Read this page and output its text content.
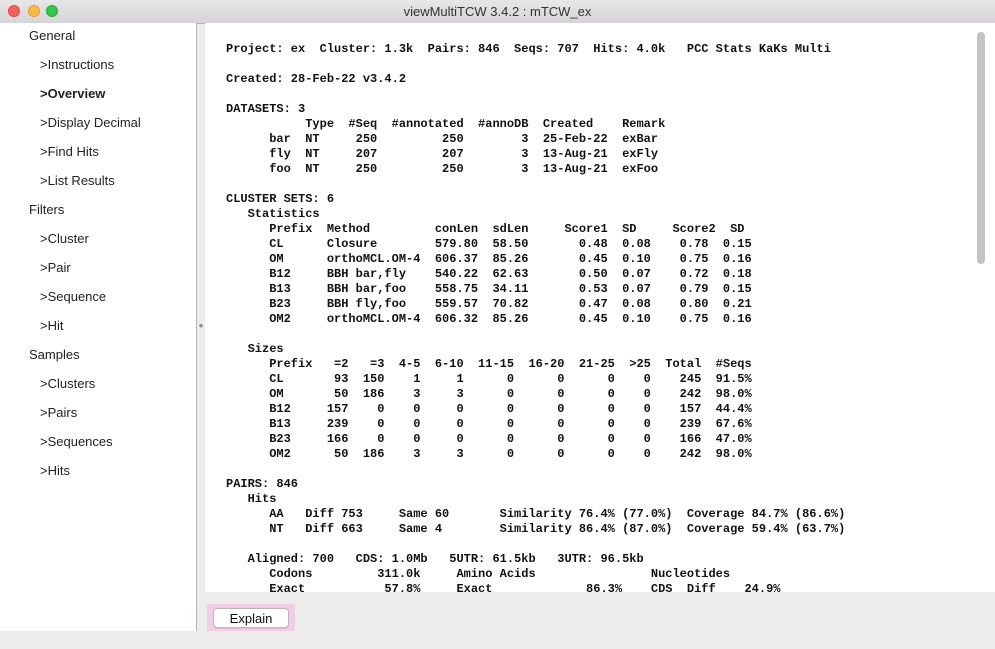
viewMultiTCW 3.4.2 : mTCW_ex
General
>Instructions
>Overview
>Display Decimal
>Find Hits
>List Results
Filters
>Cluster
>Pair
>Sequence
>Hit
Samples
>Clusters
>Pairs
>Sequences
>Hits
●
Project: ex  Cluster: 1.3k  Pairs: 846  Seqs: 707  Hits: 4.0k   PCC Stats KaKs Multi

Created: 28-Feb-22 v3.4.2

DATASETS: 3
Type  #Seq  #annotated  #annoDB  Created    Remark
bar  NT     250         250        3  25-Feb-22  exBar
fly  NT     207         207        3  13-Aug-21  exFly
foo  NT     250         250        3  13-Aug-21  exFoo

CLUSTER SETS: 6
Statistics
Prefix  Method         conLen  sdLen     Score1  SD     Score2  SD
CL      Closure        579.80  58.50       0.48  0.08    0.78  0.15
OM      orthoMCL.OM-4  606.37  85.26       0.45  0.10    0.75  0.16
B12     BBH bar,fly    540.22  62.63       0.50  0.07    0.72  0.18
B13     BBH bar,foo    558.75  34.11       0.53  0.07    0.79  0.15
B23     BBH fly,foo    559.57  70.82       0.47  0.08    0.80  0.21
OM2     orthoMCL.OM-4  606.32  85.26       0.45  0.10    0.75  0.16

Sizes
Prefix   =2   =3  4-5  6-10  11-15  16-20  21-25  >25  Total  #Seqs
CL       93  150    1     1      0      0      0    0    245  91.5%
OM       50  186    3     3      0      0      0    0    242  98.0%
B12     157    0    0     0      0      0      0    0    157  44.4%
B13     239    0    0     0      0      0      0    0    239  67.6%
B23     166    0    0     0      0      0      0    0    166  47.0%
OM2      50  186    3     3      0      0      0    0    242  98.0%

PAIRS: 846
Hits
AA   Diff 753     Same 60       Similarity 76.4% (77.0%)  Coverage 84.7% (86.6%)
NT   Diff 663     Same 4        Similarity 86.4% (87.0%)  Coverage 59.4% (63.7%)

Aligned: 700   CDS: 1.0Mb   5UTR: 61.5kb   3UTR: 96.5kb
Codons         311.0k     Amino Acids                Nucleotides
Exact           57.8%     Exact             86.3%    CDS  Diff    24.9%

Explain
